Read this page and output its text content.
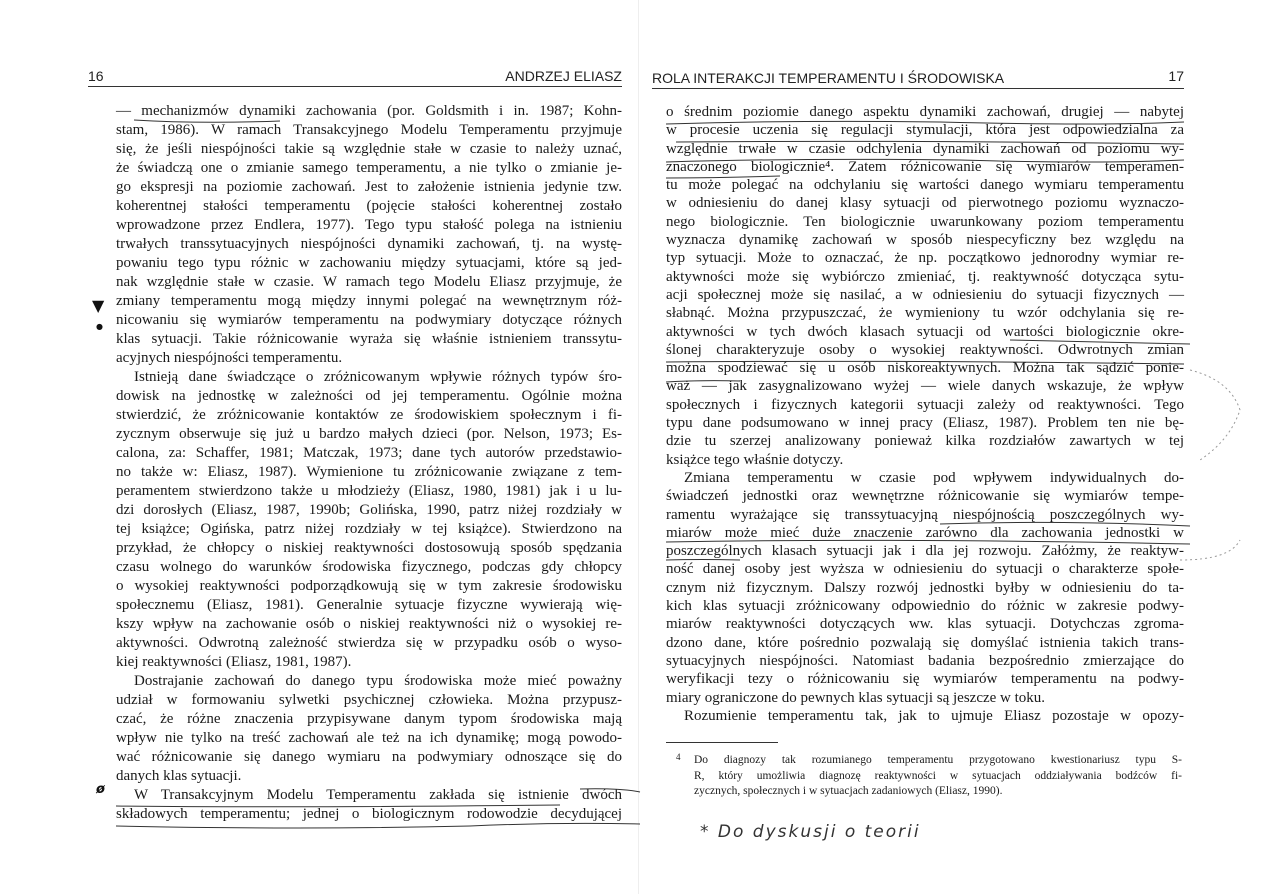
16	ANDRZEJ ELIASZ ROLA INTERAKCJI TEMPERAMENTU I ŚRODOWISKA	17
— mechanizmów dynamiki zachowania (por. Goldsmith i in. 1987; Kohn-
stam, 1986). W ramach Transakcyjnego Modelu Temperamentu przyjmuje
się, że jeśli niespójności takie są względnie stałe w czasie to należy uznać,
że świadczą one o zmianie samego temperamentu, a nie tylko o zmianie je-
go ekspresji na poziomie zachowań. Jest to założenie istnienia jedynie tzw.
koherentnej stałości temperamentu (pojęcie stałości koherentnej zostało
wprowadzone przez Endlera, 1977). Tego typu stałość polega na istnieniu
trwałych transsytuacyjnych niespójności dynamiki zachowań, tj. na wystę-
powaniu tego typu różnic w zachowaniu między sytuacjami, które są jed-
nak względnie stałe w czasie. W ramach tego Modelu Eliasz przyjmuje, że
zmiany temperamentu mogą między innymi polegać na wewnętrznym róż-
nicowaniu się wymiarów temperamentu na podwymiary dotyczące różnych
klas sytuacji. Takie różnicowanie wyraża się właśnie istnieniem transsytu-
acyjnych niespójności temperamentu.
Istnieją dane świadczące o zróżnicowanym wpływie różnych typów śro-
dowisk na jednostkę w zależności od jej temperamentu. Ogólnie można
stwierdzić, że zróżnicowanie kontaktów ze środowiskiem społecznym i fi-
zycznym obserwuje się już u bardzo małych dzieci (por. Nelson, 1973; Es-
calona, za: Schaffer, 1981; Matczak, 1973; dane tych autorów przedstawio-
no także w: Eliasz, 1987). Wymienione tu zróżnicowanie związane z tem-
peramentem stwierdzono także u młodzieży (Eliasz, 1980, 1981) jak i u lu-
dzi dorosłych (Eliasz, 1987, 1990b; Golińska, 1990, patrz niżej rozdziały w
tej książce; Ogińska, patrz niżej rozdziały w tej książce). Stwierdzono na
przykład, że chłopcy o niskiej reaktywności dostosowują sposób spędzania
czasu wolnego do warunków środowiska fizycznego, podczas gdy chłopcy
o wysokiej reaktywności podporządkowują się w tym zakresie środowisku
społecznemu (Eliasz, 1981). Generalnie sytuacje fizyczne wywierają wię-
kszy wpływ na zachowanie osób o niskiej reaktywności niż o wysokiej re-
aktywności. Odwrotną zależność stwierdza się w przypadku osób o wyso-
kiej reaktywności (Eliasz, 1981, 1987).
Dostrajanie zachowań do danego typu środowiska może mieć poważny
udział w formowaniu sylwetki psychicznej człowieka. Można przypusz-
czać, że różne znaczenia przypisywane danym typom środowiska mają
wpływ nie tylko na treść zachowań ale też na ich dynamikę; mogą powodo-
wać różnicowanie się danego wymiaru na podwymiary odnoszące się do
danych klas sytuacji.
W Transakcyjnym Modelu Temperamentu zakłada się istnienie dwóch
składowych temperamentu; jednej o biologicznym rodowodzie decydującej
o średnim poziomie danego aspektu dynamiki zachowań, drugiej — nabytej
w procesie uczenia się regulacji stymulacji, która jest odpowiedzialna za
względnie trwałe w czasie odchylenia dynamiki zachowań od poziomu wy-
znaczonego biologicznie⁴. Zatem różnicowanie się wymiarów temperamen-
tu może polegać na odchylaniu się wartości danego wymiaru temperamentu
w odniesieniu do danej klasy sytuacji od pierwotnego poziomu wyznaczo-
nego biologicznie. Ten biologicznie uwarunkowany poziom temperamentu
wyznacza dynamikę zachowań w sposób niespecyficzny bez względu na
typ sytuacji. Może to oznaczać, że np. początkowo jednorodny wymiar re-
aktywności może się wybiórczo zmieniać, tj. reaktywność dotycząca sytu-
acji społecznej może się nasilać, a w odniesieniu do sytuacji fizycznych —
słabnąć. Można przypuszczać, że wymieniony tu wzór odchylania się re-
aktywności w tych dwóch klasach sytuacji od wartości biologicznie okre-
ślonej charakteryzuje osoby o wysokiej reaktywności. Odwrotnych zmian
można spodziewać się u osób niskoreaktywnych. Można tak sądzić ponie-
waż — jak zasygnalizowano wyżej — wiele danych wskazuje, że wpływ
społecznych i fizycznych kategorii sytuacji zależy od reaktywności. Tego
typu dane podsumowano w innej pracy (Eliasz, 1987). Problem ten nie bę-
dzie tu szerzej analizowany ponieważ kilka rozdziałów zawartych w tej
książce tego właśnie dotyczy.
Zmiana temperamentu w czasie pod wpływem indywidualnych do-
świadczeń jednostki oraz wewnętrzne różnicowanie się wymiarów tempe-
ramentu wyrażające się transsytuacyjną niespójnością poszczególnych wy-
miarów może mieć duże znaczenie zarówno dla zachowania jednostki w
poszczególnych klasach sytuacji jak i dla jej rozwoju. Załóżmy, że reaktyw-
ność danej osoby jest wyższa w odniesieniu do sytuacji o charakterze społe-
cznym niż fizycznym. Dalszy rozwój jednostki byłby w odniesieniu do ta-
kich klas sytuacji zróżnicowany odpowiednio do różnic w zakresie podwy-
miarów reaktywności dotyczących ww. klas sytuacji. Dotychczas zgroma-
dzono dane, które pośrednio pozwalają się domyślać istnienia takich trans-
sytuacyjnych niespójności. Natomiast badania bezpośrednio zmierzające do
weryfikacji tezy o różnicowaniu się wymiarów temperamentu na podwy-
miary ograniczone do pewnych klas sytuacji są jeszcze w toku.
Rozumienie temperamentu tak, jak to ujmuje Eliasz pozostaje w opozy-
4	Do diagnozy tak rozumianego temperamentu przygotowano kwestionariusz typu S-
R, który umożliwia diagnozę reaktywności w sytuacjach oddziaływania bodźców fi-
zycznych, społecznych i w sytuacjach zadaniowych (Eliasz, 1990).
* Do dyskusji o teorii
▼
●
ø
